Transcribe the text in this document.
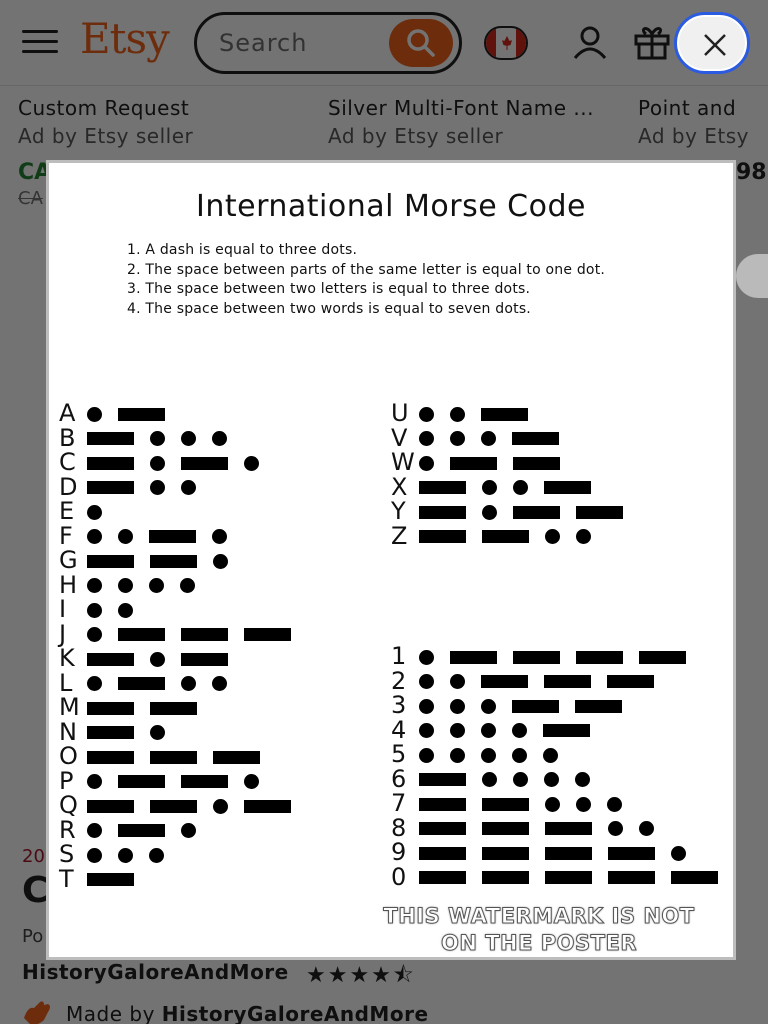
International Morse Code
1. A dash is equal to three dots.
2. The space between parts of the same letter is equal to one dot.
3. The space between two letters is equal to three dots.
4. The space between two words is equal to seven dots.
A
B
C
D
E
F
G
H
I
J
K
L
M
N
O
P
Q
R
S
T
U
V
W
X
Y
Z
1
2
3
4
5
6
7
8
9
0
THIS WATERMARK IS NOT
ON THE POSTER
